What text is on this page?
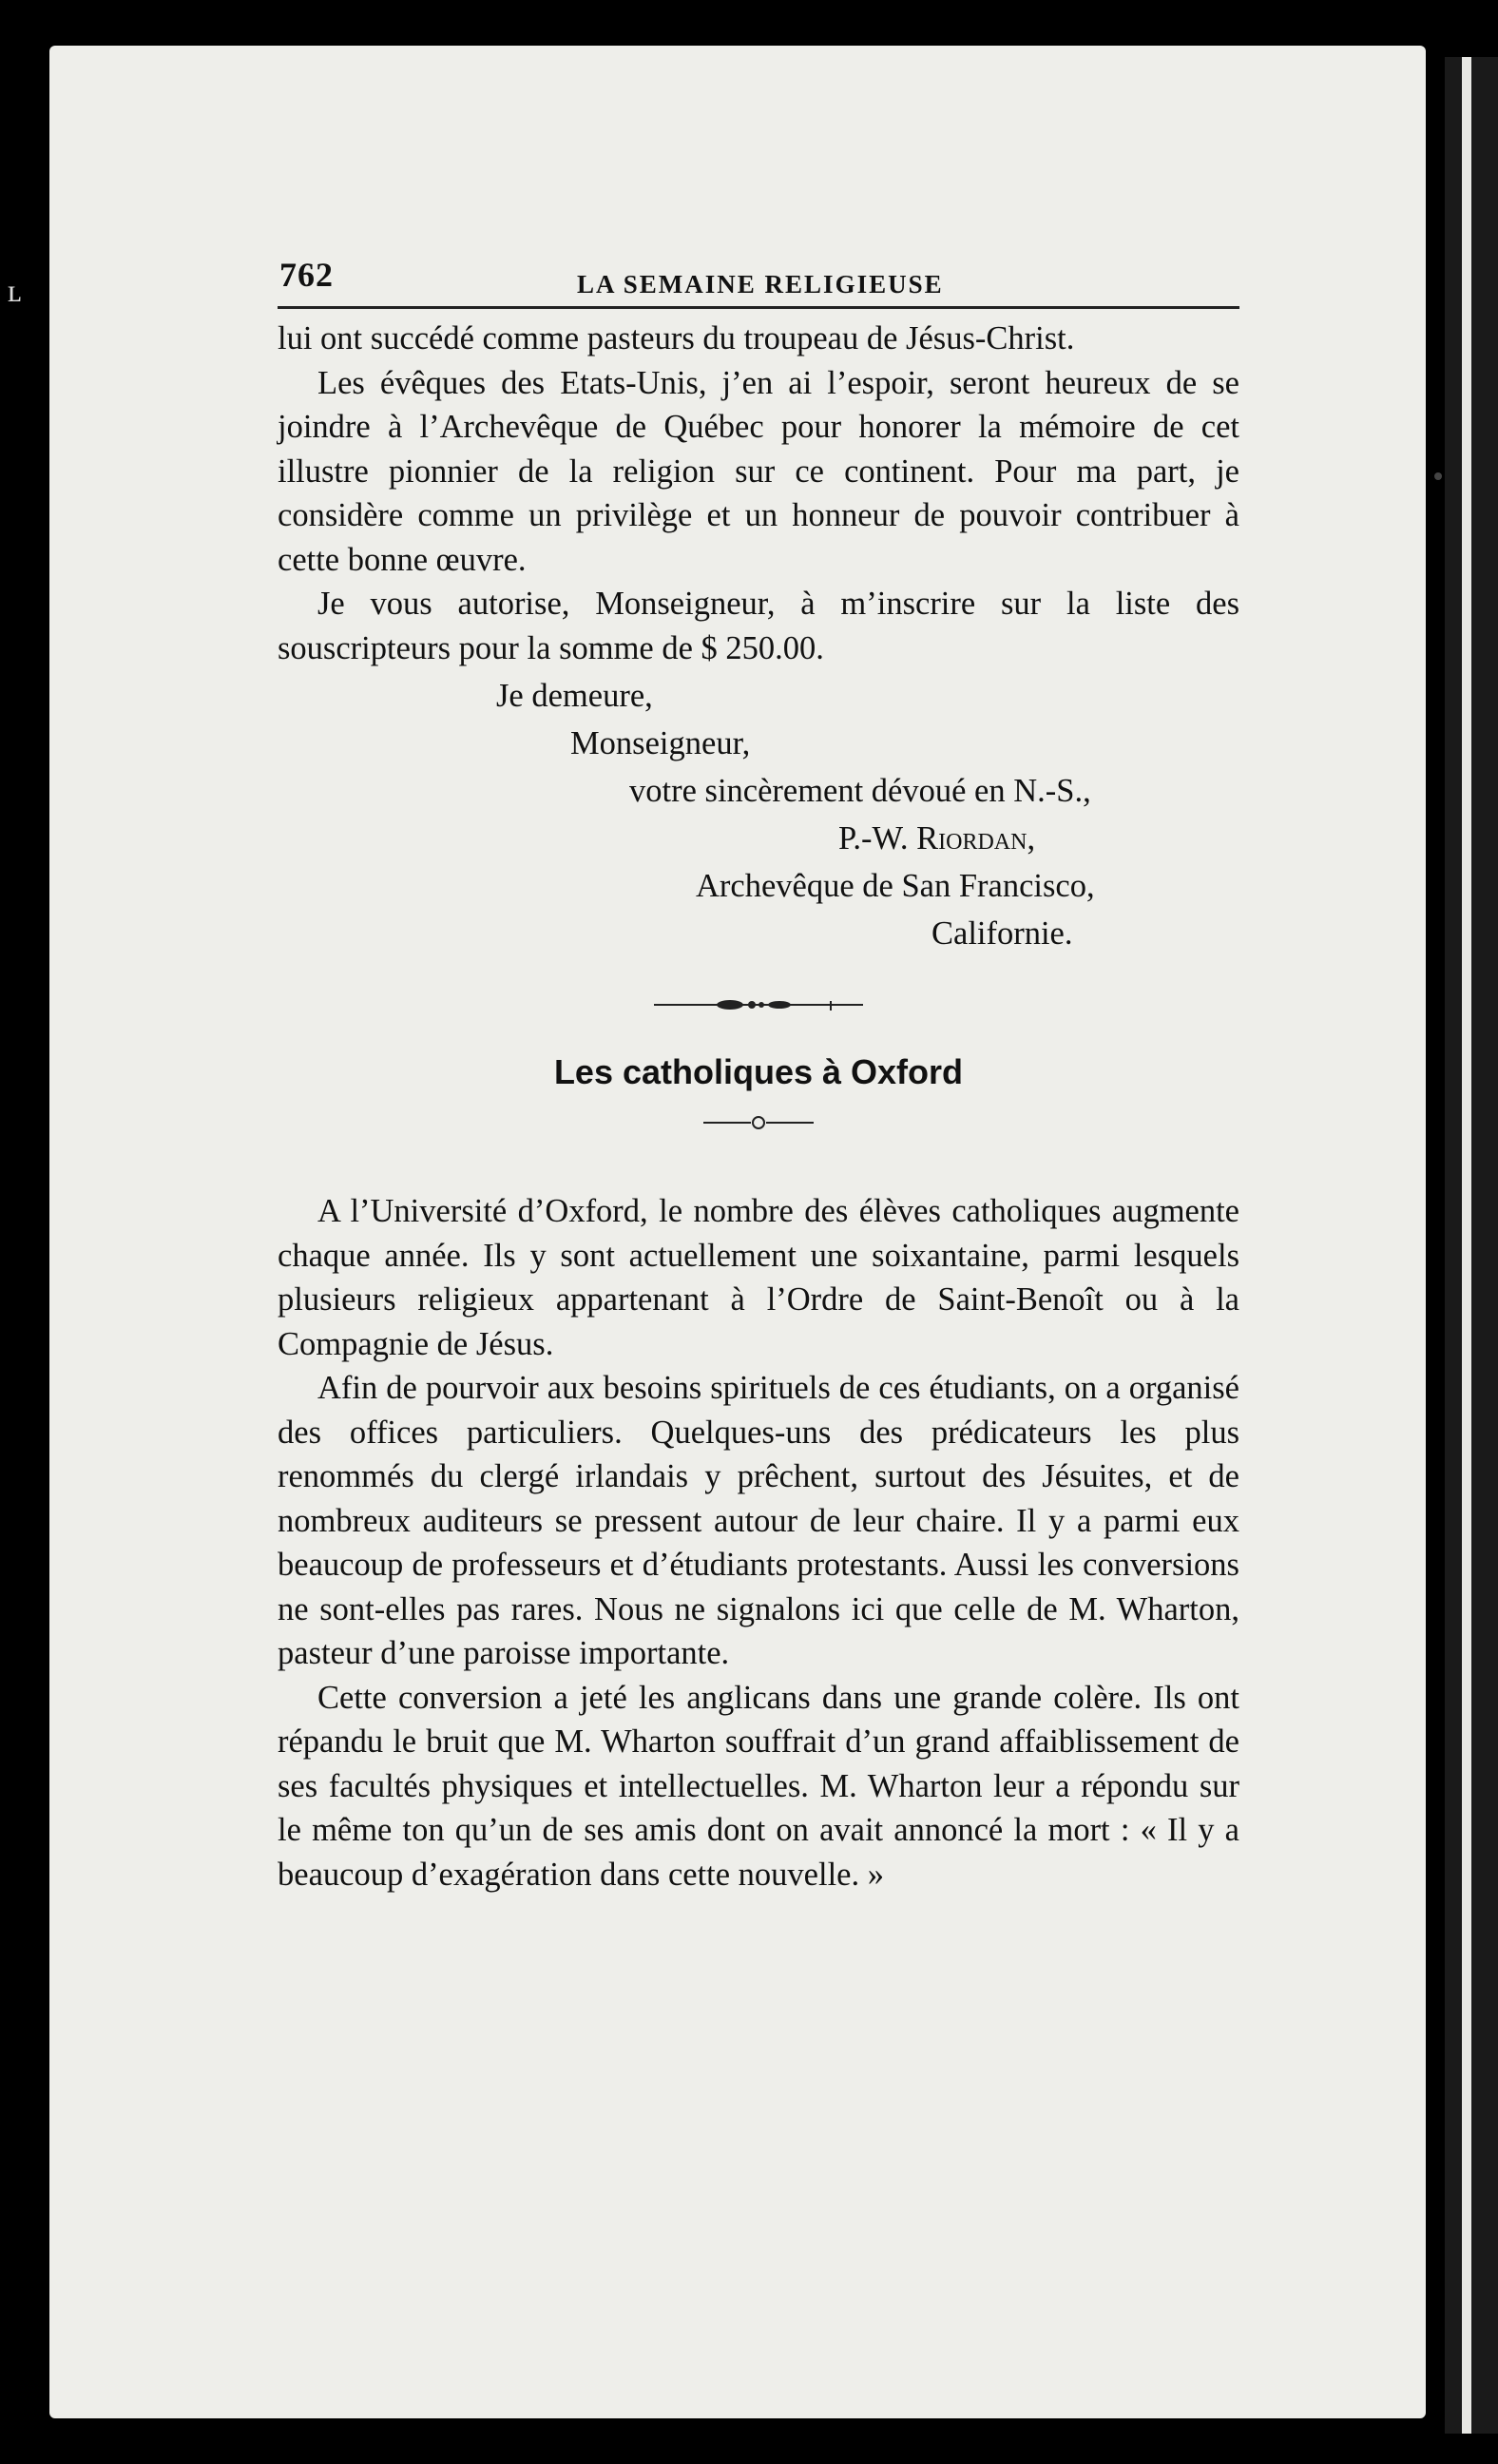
ʟ	762	LA SEMAINE RELIGIEUSE

lui ont succédé comme pasteurs du troupeau de Jésus-Christ.

Les évêques des Etats-Unis, j’en ai l’espoir, seront heureux de se joindre à l’Archevêque de Québec pour honorer la mémoire de cet illustre pionnier de la religion sur ce continent. Pour ma part, je considère comme un privilège et un honneur de pouvoir contribuer à cette bonne œuvre.

Je vous autorise, Monseigneur, à m’inscrire sur la liste des souscripteurs pour la somme de $ 250.00.

Je demeure,
Monseigneur,
votre sincèrement dévoué en N.-S.,
P.-W. Riordan,
Archevêque de San Francisco,
Californie.
Les catholiques à Oxford

A l’Université d’Oxford, le nombre des élèves catholiques augmente chaque année. Ils y sont actuellement une soixantaine, parmi lesquels plusieurs religieux appartenant à l’Ordre de Saint-Benoît ou à la Compagnie de Jésus.

Afin de pourvoir aux besoins spirituels de ces étudiants, on a organisé des offices particuliers. Quelques-uns des prédicateurs les plus renommés du clergé irlandais y prêchent, surtout des Jésuites, et de nombreux auditeurs se pressent autour de leur chaire. Il y a parmi eux beaucoup de professeurs et d’étudiants protestants. Aussi les conversions ne sont-elles pas rares. Nous ne signalons ici que celle de M. Wharton, pasteur d’une paroisse importante.

Cette conversion a jeté les anglicans dans une grande colère. Ils ont répandu le bruit que M. Wharton souffrait d’un grand affaiblissement de ses facultés physiques et intellectuelles. M. Wharton leur a répondu sur le même ton qu’un de ses amis dont on avait annoncé la mort : « Il y a beaucoup d’exagération dans cette nouvelle. »
